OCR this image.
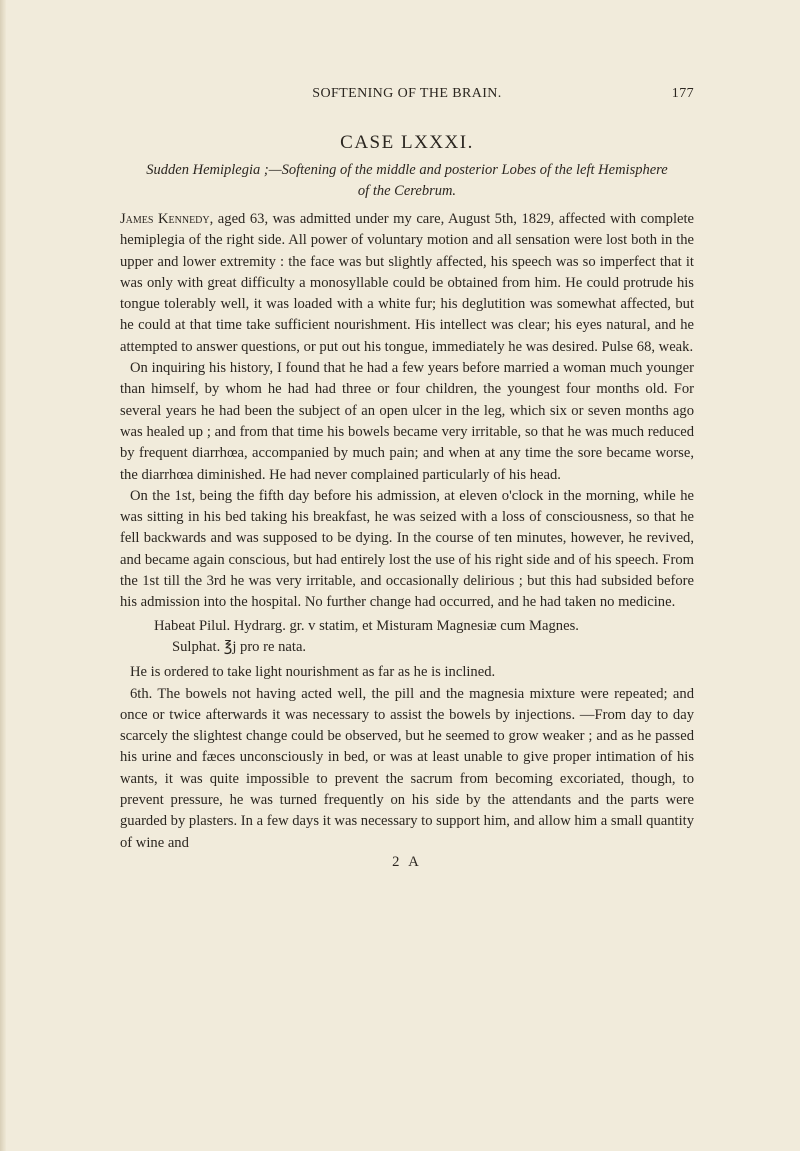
SOFTENING OF THE BRAIN.	177
CASE LXXXI.

Sudden Hemiplegia ;—Softening of the middle and posterior Lobes of the left Hemisphere
of the Cerebrum.

James Kennedy, aged 63, was admitted under my care, August 5th, 1829, affected with complete hemiplegia of the right side. All power of voluntary motion and all sensation were lost both in the upper and lower extremity : the face was but slightly affected, his speech was so imperfect that it was only with great difficulty a monosyllable could be obtained from him. He could protrude his tongue tolerably well, it was loaded with a white fur; his deglutition was somewhat affected, but he could at that time take sufficient nourishment. His intellect was clear; his eyes natural, and he attempted to answer questions, or put out his tongue, immediately he was desired. Pulse 68, weak.

On inquiring his history, I found that he had a few years before married a woman much younger than himself, by whom he had had three or four children, the youngest four months old. For several years he had been the subject of an open ulcer in the leg, which six or seven months ago was healed up ; and from that time his bowels became very irritable, so that he was much reduced by frequent diarrhœa, accompanied by much pain; and when at any time the sore became worse, the diarrhœa diminished. He had never complained particularly of his head.

On the 1st, being the fifth day before his admission, at eleven o'clock in the morning, while he was sitting in his bed taking his breakfast, he was seized with a loss of consciousness, so that he fell backwards and was supposed to be dying. In the course of ten minutes, however, he revived, and became again conscious, but had entirely lost the use of his right side and of his speech. From the 1st till the 3rd he was very irritable, and occasionally delirious ; but this had subsided before his admission into the hospital. No further change had occurred, and he had taken no medicine.

Habeat Pilul. Hydrarg. gr. v statim, et Misturam Magnesiæ cum Magnes.

Sulphat. ℥j pro re nata.

He is ordered to take light nourishment as far as he is inclined.

6th. The bowels not having acted well, the pill and the magnesia mixture were repeated; and once or twice afterwards it was necessary to assist the bowels by injections. —From day to day scarcely the slightest change could be observed, but he seemed to grow weaker ; and as he passed his urine and fæces unconsciously in bed, or was at least unable to give proper intimation of his wants, it was quite impossible to prevent the sacrum from becoming excoriated, though, to prevent pressure, he was turned frequently on his side by the attendants and the parts were guarded by plasters. In a few days it was necessary to support him, and allow him a small quantity of wine and

2 A
